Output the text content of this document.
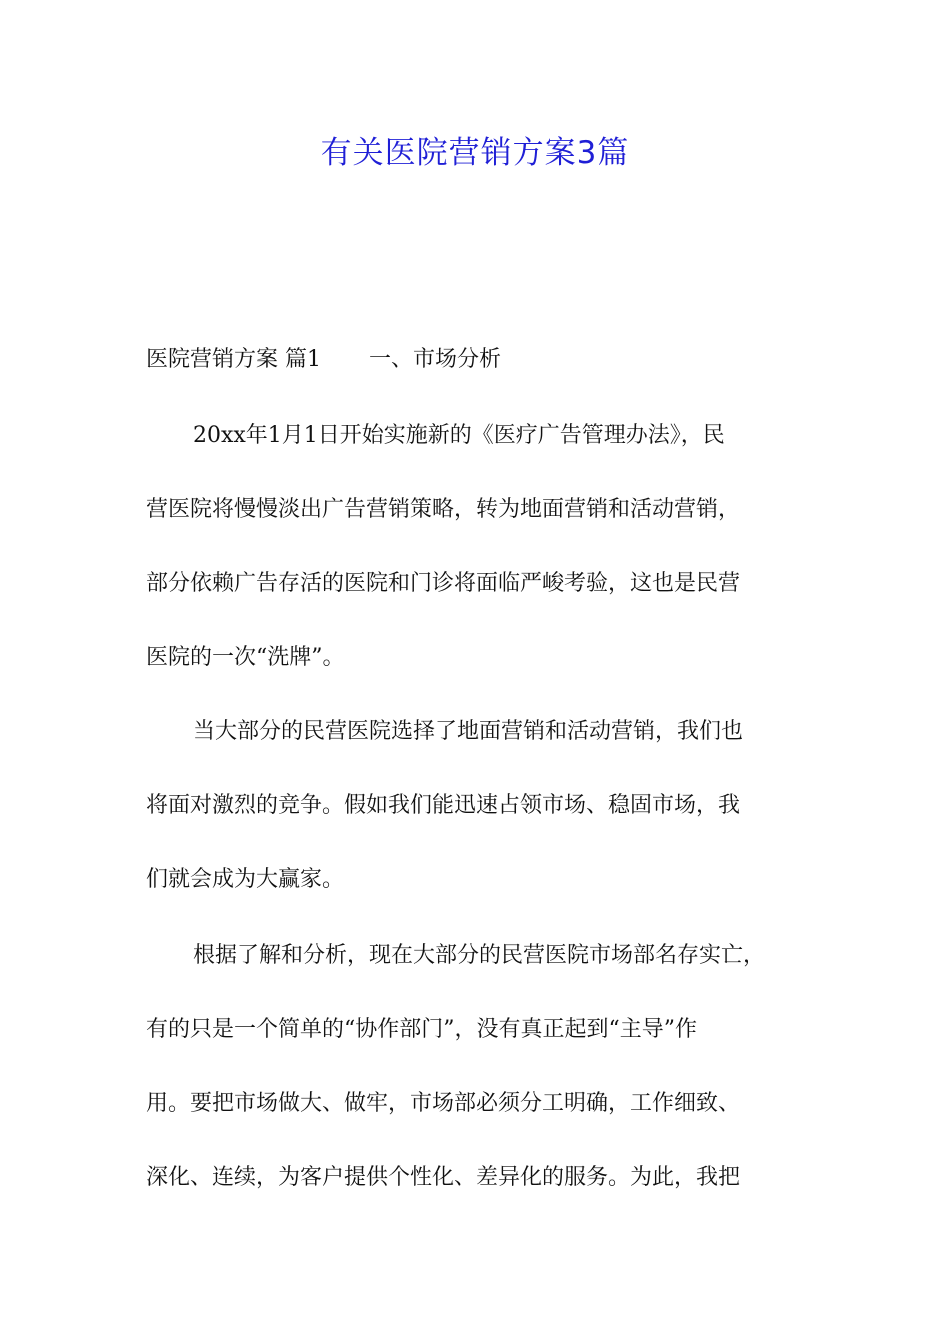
有关医院营销方案3篇
医院营销方案 篇1 一、市场分析
20xx年1月1日开始实施新的《医疗广告管理办法》，民
营医院将慢慢淡出广告营销策略，转为地面营销和活动营销，
部分依赖广告存活的医院和门诊将面临严峻考验，这也是民营
医院的一次“洗牌”。
当大部分的民营医院选择了地面营销和活动营销，我们也
将面对激烈的竞争。假如我们能迅速占领市场、稳固市场，我
们就会成为大赢家。
根据了解和分析，现在大部分的民营医院市场部名存实亡，
有的只是一个简单的“协作部门”，没有真正起到“主导”作
用。要把市场做大、做牢，市场部必须分工明确，工作细致、
深化、连续，为客户提供个性化、差异化的服务。为此，我把
